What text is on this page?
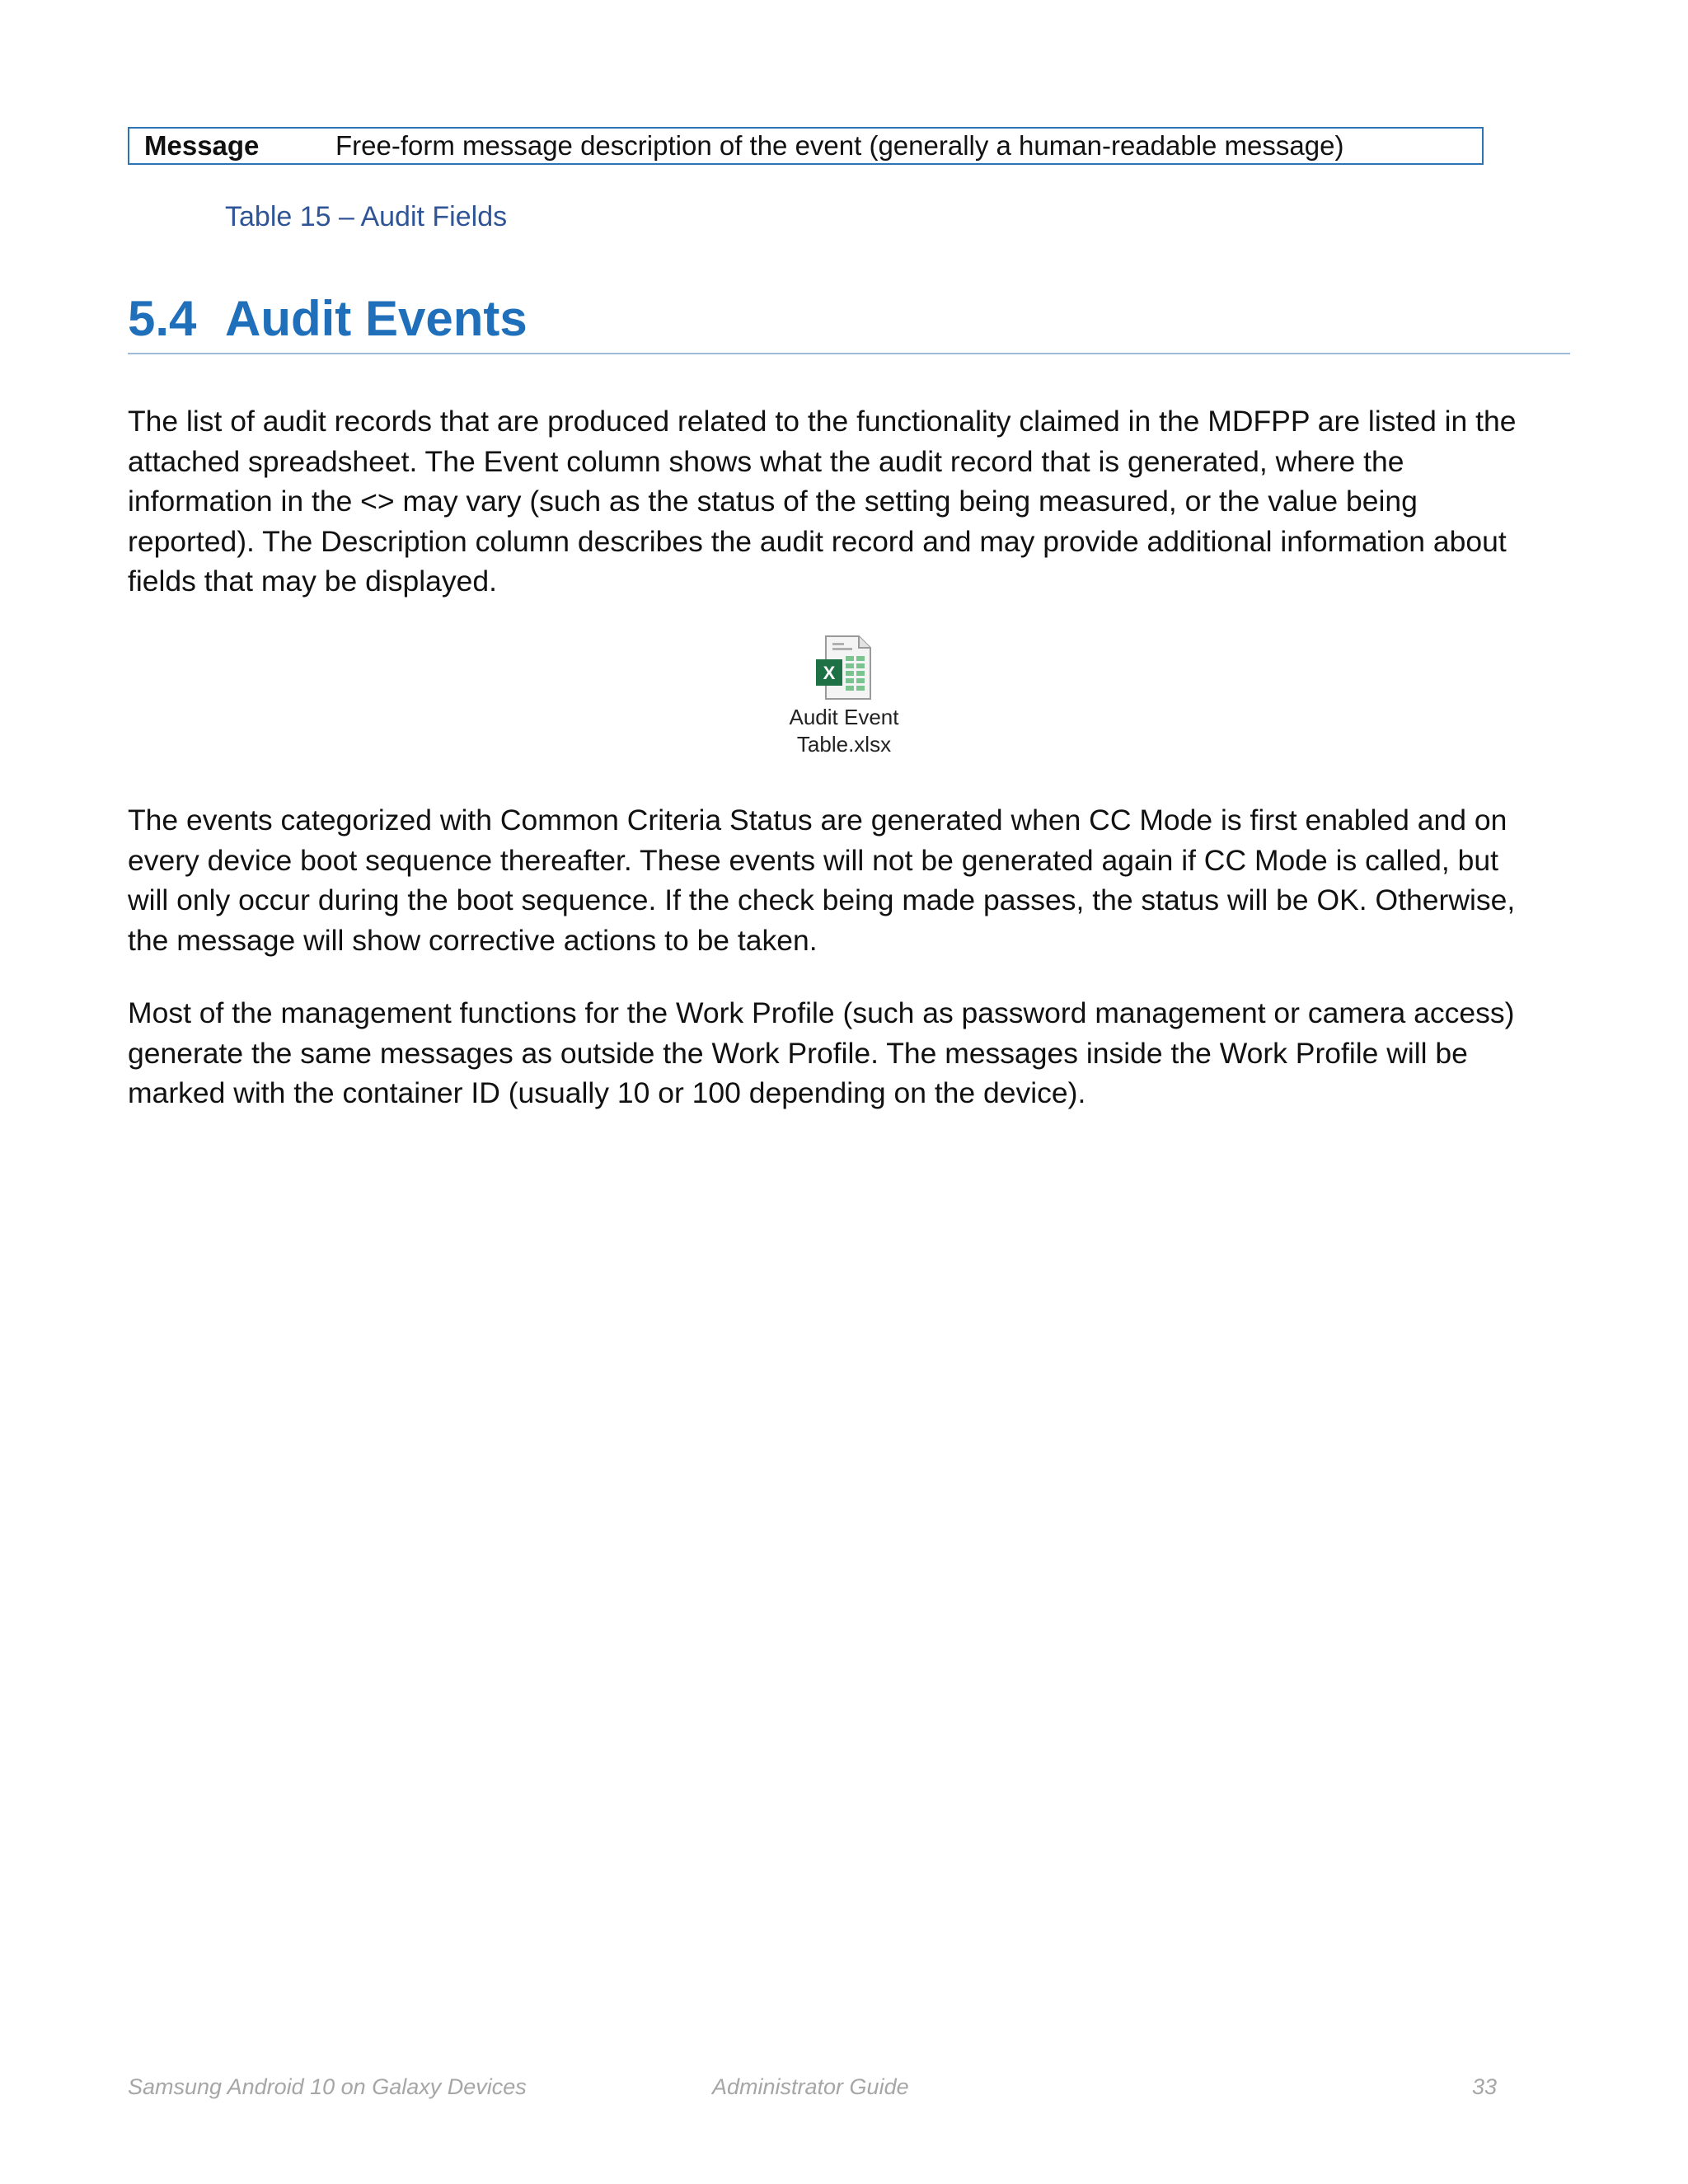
Message	Free-form message description of the event (generally a human-readable message)
Table 15 – Audit Fields
5.4 Audit Events

The list of audit records that are produced related to the functionality claimed in the MDFPP are listed in the
attached spreadsheet. The Event column shows what the audit record that is generated, where the
information in the <> may vary (such as the status of the setting being measured, or the value being
reported). The Description column describes the audit record and may provide additional information about
fields that may be displayed.

X
Audit Event
Table.xlsx

The events categorized with Common Criteria Status are generated when CC Mode is first enabled and on
every device boot sequence thereafter. These events will not be generated again if CC Mode is called, but
will only occur during the boot sequence. If the check being made passes, the status will be OK. Otherwise,
the message will show corrective actions to be taken.

Most of the management functions for the Work Profile (such as password management or camera access)
generate the same messages as outside the Work Profile. The messages inside the Work Profile will be
marked with the container ID (usually 10 or 100 depending on the device).

Samsung Android 10 on Galaxy Devices	Administrator Guide	33
